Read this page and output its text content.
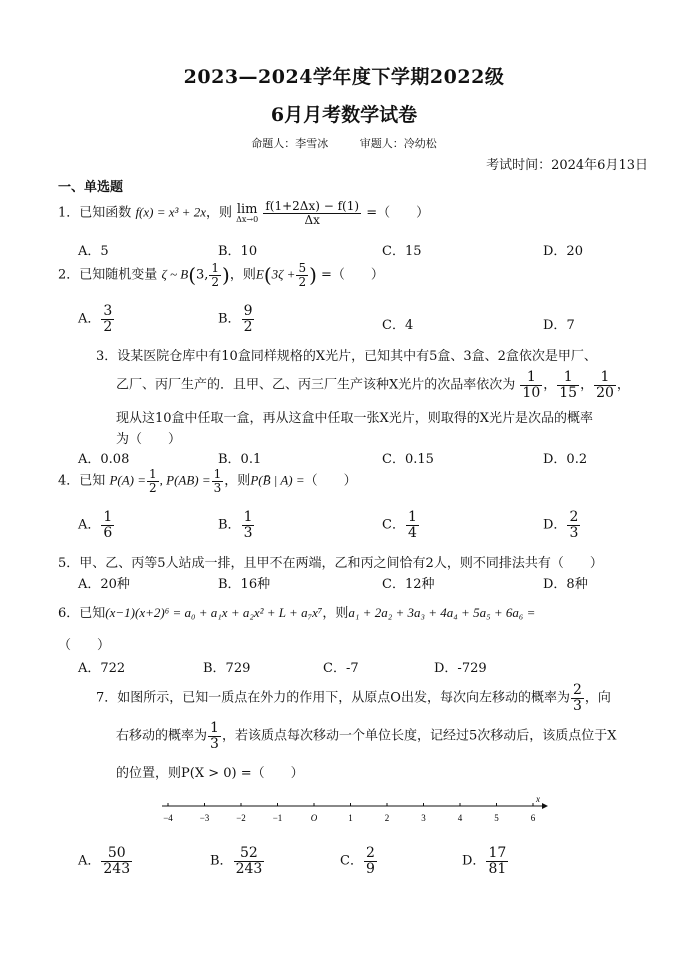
2023—2024学年度下学期2022级
6月月考数学试卷
命题人：李雪冰	审题人：冷幼松
考试时间：2024年6月13日
一、单选题
1．已知函数 f(x) = x³ + 2x，则 lim
Δx→0
$\frac{f(1+2\Delta x) - f(1)}{\Delta x}$ =（　　）
A．5	B．10	C．15	D．20
2．已知随机变量 ζ ~ B(3, $\frac{1}{2}$ )，则$E(3\zeta + \frac{5}{2}$ ) =（　　）
A． $\frac{3}{2}$	B． $\frac{9}{2}$	C．4	D．7
3．设某医院仓库中有10盒同样规格的X光片，已知其中有5盒、3盒、2盒依次是甲厂、
乙厂、丙厂生产的．且甲、乙、丙三厂生产该种X光片的次品率依次为 $\frac{1}{10}$ ， $\frac{1}{15}$ ， $\frac{1}{20}$ ，
现从这10盒中任取一盒，再从这盒中任取一张X光片，则取得的X光片是次品的概率
为（　　）
A．0.08	B．0.1	C．0.15	D．0.2
4．已知 $P(A) = \frac{1}{2}$ , $P(AB) = \frac{1}{3}$ ，则P(B̄ | A) =（　　）
A． $\frac{1}{6}$	B． $\frac{1}{3}$	C． $\frac{1}{4}$	D． $\frac{2}{3}$
5．甲、乙、丙等5人站成一排，且甲不在两端，乙和丙之间恰有2人，则不同排法共有（　　）
A．20种	B．16种	C．12种	D．8种
6．已知(x−1)(x+2)⁶ = a₀ + a₁x + a₂x² + L + a₇x⁷，则a₁ + 2a₂ + 3a₃ + 4a₄ + 5a₅ + 6a₆ =
（　　）
A．722	B．729	C．-7	D．-729
7．如图所示，已知一质点在外力的作用下，从原点O出发，每次向左移动的概率为 $\frac{2}{3}$ ，向
右移动的概率为 $\frac{1}{3}$ ，若该质点每次移动一个单位长度，记经过5次移动后，该质点位于X
的位置，则P(X > 0) =（　　）
x
−4	−3	−2	−1	O	1	2	3	4	5	6
A． $\frac{50}{243}$	B． $\frac{52}{243}$	C． $\frac{2}{9}$	D． $\frac{17}{81}$
